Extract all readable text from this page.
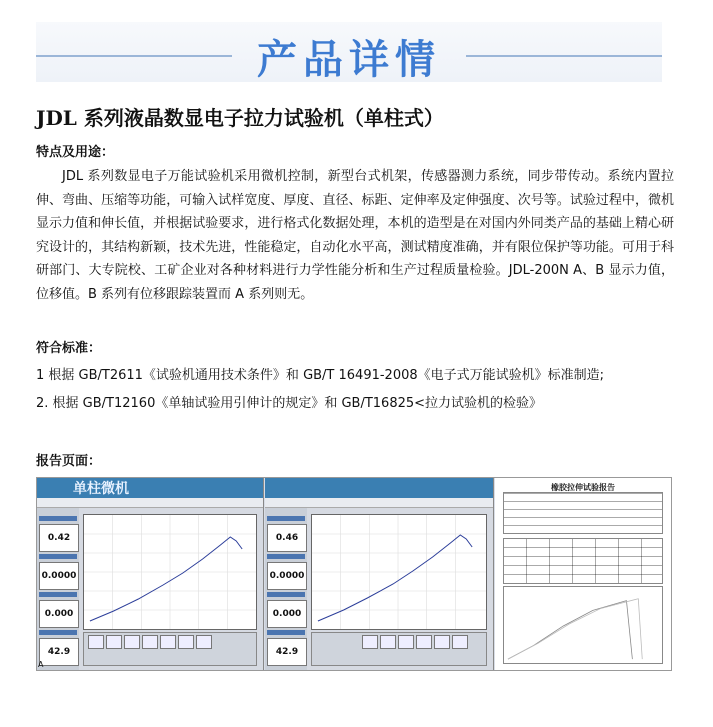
产品详情
JDL 系列液晶数显电子拉力试验机（单柱式）
特点及用途：
JDL 系列数显电子万能试验机采用微机控制，新型台式机架，传感器测力系统，同步带传动。系统内置拉伸、弯曲、压缩等功能，可输入试样宽度、厚度、直径、标距、定伸率及定伸强度、次号等。试验过程中，微机显示力值和伸长值，并根据试验要求，进行格式化数据处理，本机的造型是在对国内外同类产品的基础上精心研究设计的，其结构新颖，技术先进，性能稳定，自动化水平高，测试精度准确，并有限位保护等功能。可用于科研部门、大专院校、工矿企业对各种材料进行力学性能分析和生产过程质量检验。JDL-200N A、B 显示力值，位移值。B 系列有位移跟踪装置而 A 系列则无。
符合标准：
1 根据 GB/T2611《试验机通用技术条件》和 GB/T 16491-2008《电子式万能试验机》标准制造;
2. 根据 GB/T12160《单轴试验用引伸计的规定》和 GB/T16825<拉力试验机的检验》
报告页面：
单柱微机
0.42
0.0000
0.000
42.9
0.46
0.0000
0.000
42.9
橡胶拉伸试验报告
A
